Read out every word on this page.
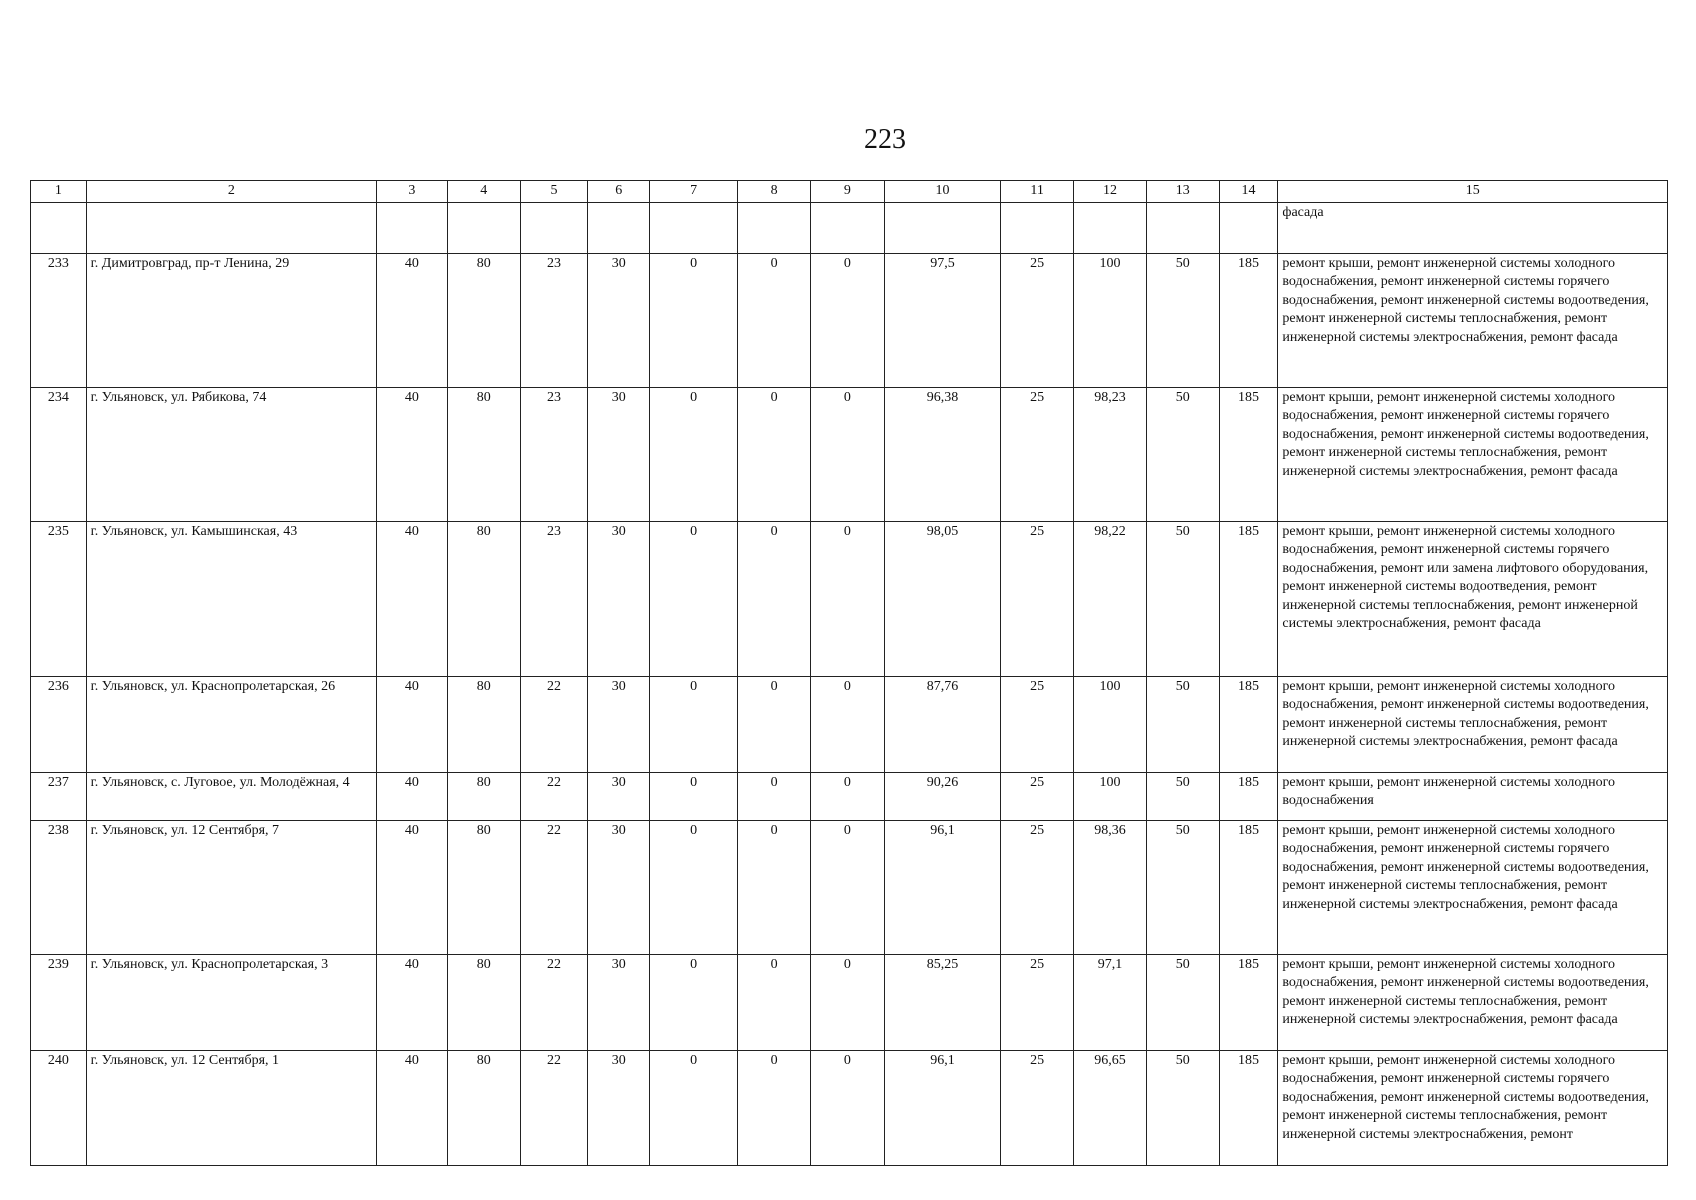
223
1	2	3	4	5	6	7	8	9	10	11	12	13	14	15
														фасада
233	г. Димитровград, пр-т Ленина, 29	40	80	23	30	0	0	0	97,5	25	100	50	185	ремонт крыши, ремонт инженерной системы холодного водоснабжения, ремонт инженерной системы горячего водоснабжения, ремонт инженерной системы водоотведения, ремонт инженерной системы теплоснабжения, ремонт инженерной системы электроснабжения, ремонт фасада
234	г. Ульяновск, ул. Рябикова, 74	40	80	23	30	0	0	0	96,38	25	98,23	50	185	ремонт крыши, ремонт инженерной системы холодного водоснабжения, ремонт инженерной системы горячего водоснабжения, ремонт инженерной системы водоотведения, ремонт инженерной системы теплоснабжения, ремонт инженерной системы электроснабжения, ремонт фасада
235	г. Ульяновск, ул. Камышинская, 43	40	80	23	30	0	0	0	98,05	25	98,22	50	185	ремонт крыши, ремонт инженерной системы холодного водоснабжения, ремонт инженерной системы горячего водоснабжения, ремонт или замена лифтового оборудования, ремонт инженерной системы водоотведения, ремонт инженерной системы теплоснабжения, ремонт инженерной системы электроснабжения, ремонт фасада
236	г. Ульяновск, ул. Краснопролетарская, 26	40	80	22	30	0	0	0	87,76	25	100	50	185	ремонт крыши, ремонт инженерной системы холодного водоснабжения, ремонт инженерной системы водоотведения, ремонт инженерной системы теплоснабжения, ремонт инженерной системы электроснабжения, ремонт фасада
237	г. Ульяновск, с. Луговое, ул. Молодёжная, 4	40	80	22	30	0	0	0	90,26	25	100	50	185	ремонт крыши, ремонт инженерной системы холодного водоснабжения
238	г. Ульяновск, ул. 12 Сентября, 7	40	80	22	30	0	0	0	96,1	25	98,36	50	185	ремонт крыши, ремонт инженерной системы холодного водоснабжения, ремонт инженерной системы горячего водоснабжения, ремонт инженерной системы водоотведения, ремонт инженерной системы теплоснабжения, ремонт инженерной системы электроснабжения, ремонт фасада
239	г. Ульяновск, ул. Краснопролетарская, 3	40	80	22	30	0	0	0	85,25	25	97,1	50	185	ремонт крыши, ремонт инженерной системы холодного водоснабжения, ремонт инженерной системы водоотведения, ремонт инженерной системы теплоснабжения, ремонт инженерной системы электроснабжения, ремонт фасада
240	г. Ульяновск, ул. 12 Сентября, 1	40	80	22	30	0	0	0	96,1	25	96,65	50	185	ремонт крыши, ремонт инженерной системы холодного водоснабжения, ремонт инженерной системы горячего водоснабжения, ремонт инженерной системы водоотведения, ремонт инженерной системы теплоснабжения, ремонт инженерной системы электроснабжения, ремонт
